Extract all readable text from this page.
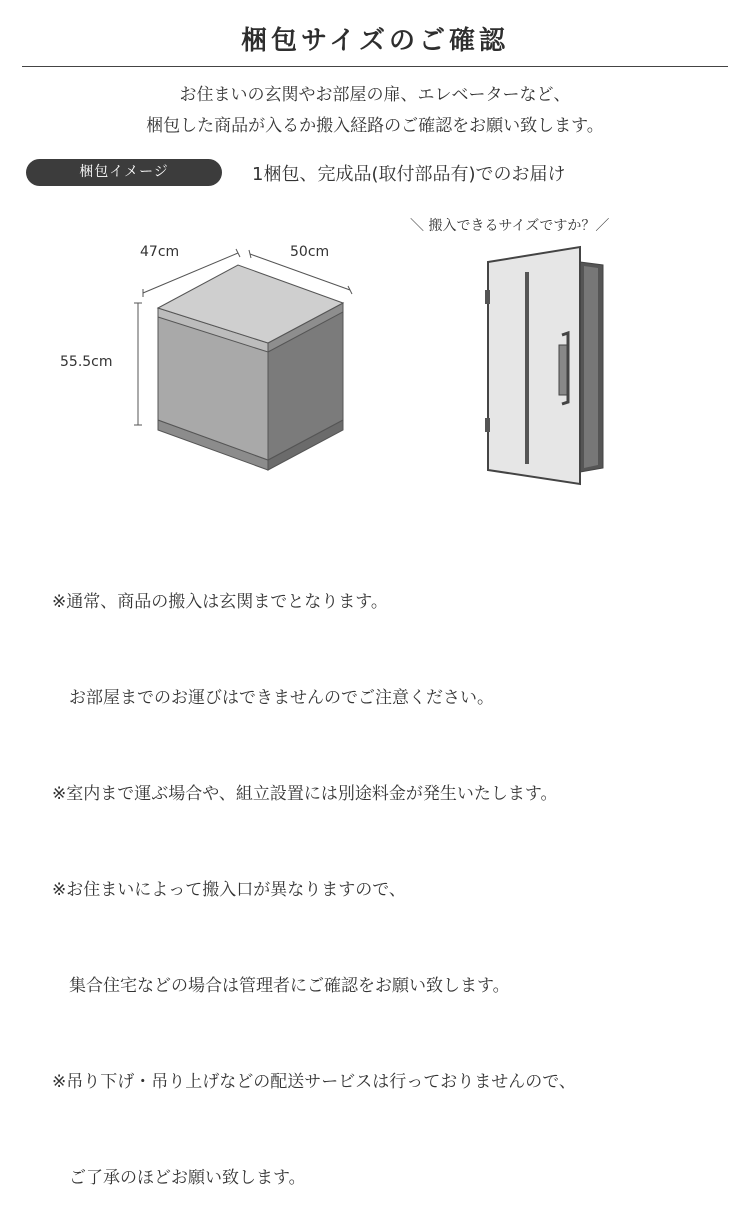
梱包サイズのご確認
お住まいの玄関やお部屋の扉、エレベーターなど、
梱包した商品が入るか搬入経路のご確認をお願い致します。
梱包イメージ	1梱包、完成品(取付部品有)でのお届け
47cm	50cm
55.5cm
＼ 搬入できるサイズですか？／

※通常、商品の搬入は玄関までとなります。

　お部屋までのお運びはできませんのでご注意ください。

※室内まで運ぶ場合や、組立設置には別途料金が発生いたします。

※お住まいによって搬入口が異なりますので、

　集合住宅などの場合は管理者にご確認をお願い致します。

※吊り下げ・吊り上げなどの配送サービスは行っておりませんので、

　ご了承のほどお願い致します。
